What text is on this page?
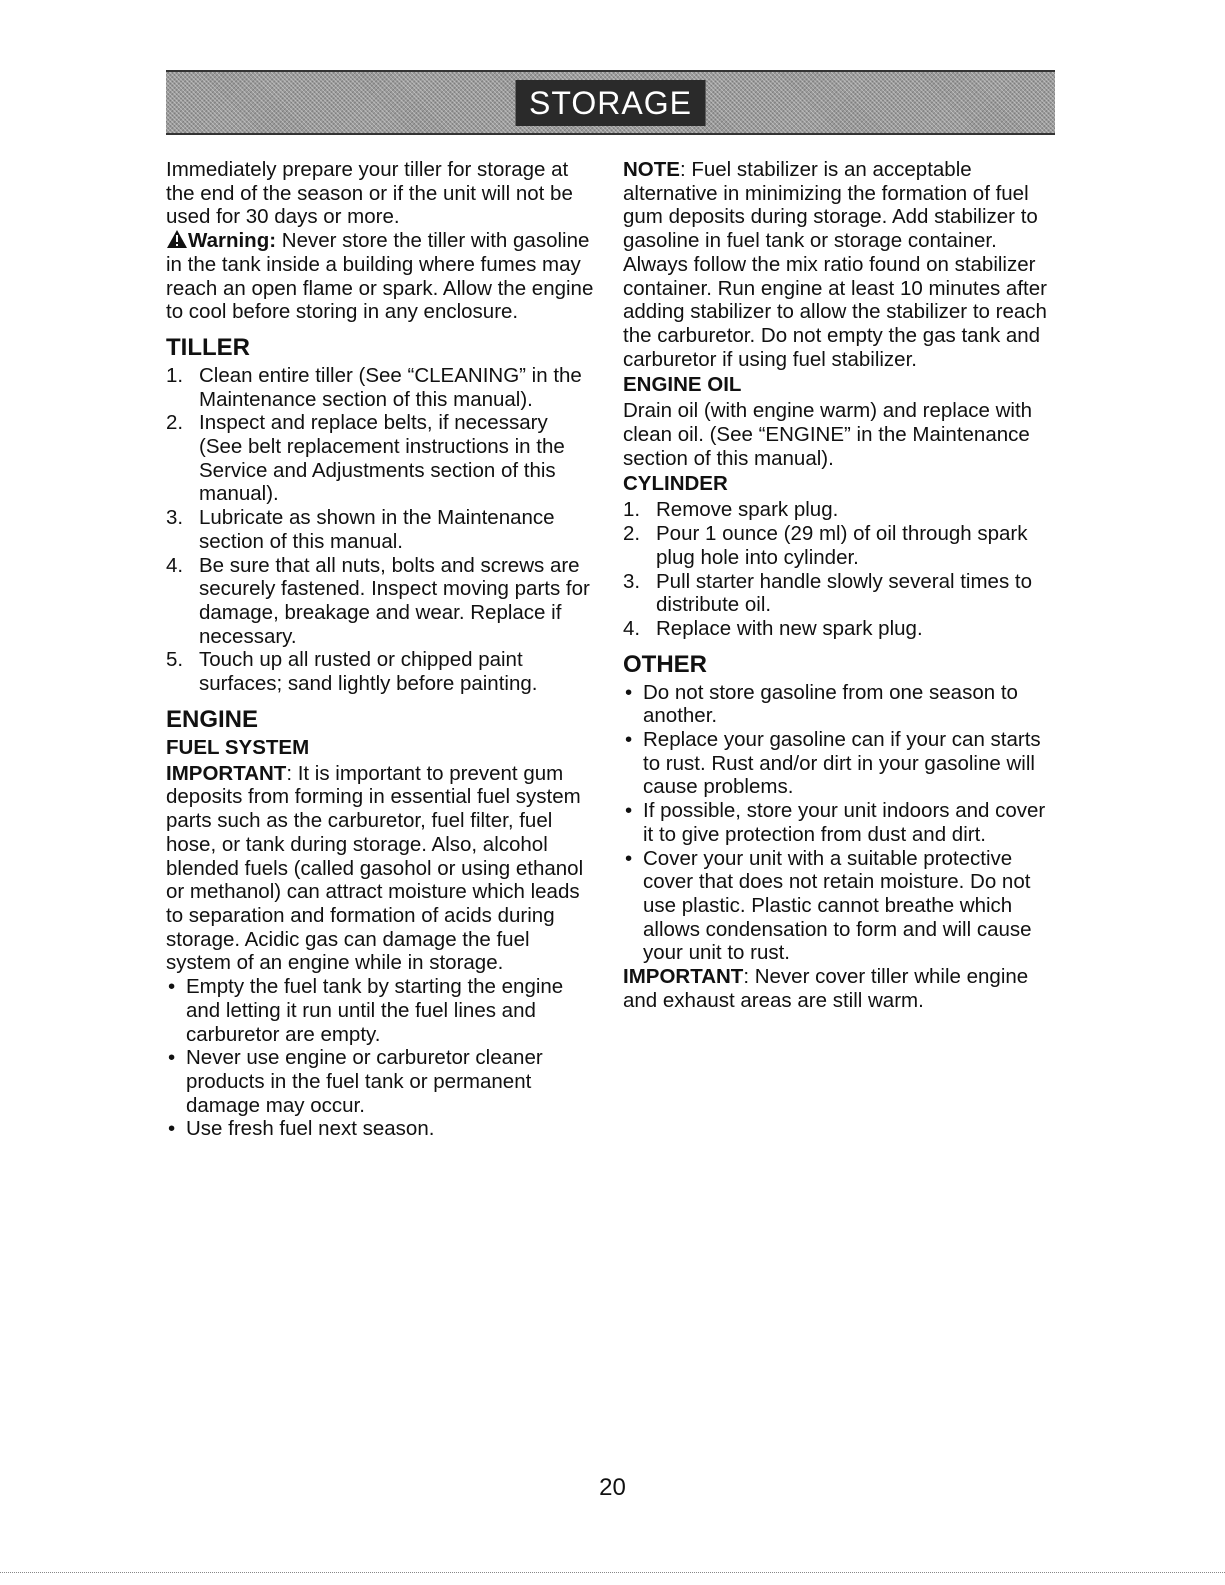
STORAGE

Immediately prepare your tiller for storage at the end of the season or if the unit will not be used for 30 days or more.

Warning: Never store the tiller with gasoline in the tank inside a building where fumes may reach an open flame or spark. Allow the engine to cool before storing in any enclosure.

TILLER
1. Clean entire tiller (See “CLEANING” in the Maintenance section of this manual).
2. Inspect and replace belts, if necessary (See belt replacement instructions in the Service and Adjustments section of this manual).
3. Lubricate as shown in the Maintenance section of this manual.
4. Be sure that all nuts, bolts and screws are securely fastened. Inspect moving parts for damage, breakage and wear. Replace if necessary.
5. Touch up all rusted or chipped paint surfaces; sand lightly before painting.
ENGINE
FUEL SYSTEM

IMPORTANT: It is important to prevent gum deposits from forming in essential fuel system parts such as the carburetor, fuel filter, fuel hose, or tank during storage. Also, alcohol blended fuels (called gasohol or using ethanol or methanol) can attract moisture which leads to separation and formation of acids during storage. Acidic gas can damage the fuel system of an engine while in storage.

• Empty the fuel tank by starting the engine and letting it run until the fuel lines and carburetor are empty.
• Never use engine or carburetor cleaner products in the fuel tank or permanent damage may occur.
• Use fresh fuel next season.

NOTE: Fuel stabilizer is an acceptable alternative in minimizing the formation of fuel gum deposits during storage. Add stabilizer to gasoline in fuel tank or storage container. Always follow the mix ratio found on stabilizer container. Run engine at least 10 minutes after adding stabilizer to allow the stabilizer to reach the carburetor. Do not empty the gas tank and carburetor if using fuel stabilizer.

ENGINE OIL

Drain oil (with engine warm) and replace with clean oil. (See “ENGINE” in the Maintenance section of this manual).

CYLINDER
1. Remove spark plug.
2. Pour 1 ounce (29 ml) of oil through spark plug hole into cylinder.
3. Pull starter handle slowly several times to distribute oil.
4. Replace with new spark plug.
OTHER
• Do not store gasoline from one season to another.
• Replace your gasoline can if your can starts to rust. Rust and/or dirt in your gasoline will cause problems.
• If possible, store your unit indoors and cover it to give protection from dust and dirt.
• Cover your unit with a suitable protective cover that does not retain moisture. Do not use plastic. Plastic cannot breathe which allows condensation to form and will cause your unit to rust.

IMPORTANT: Never cover tiller while engine and exhaust areas are still warm.

20
